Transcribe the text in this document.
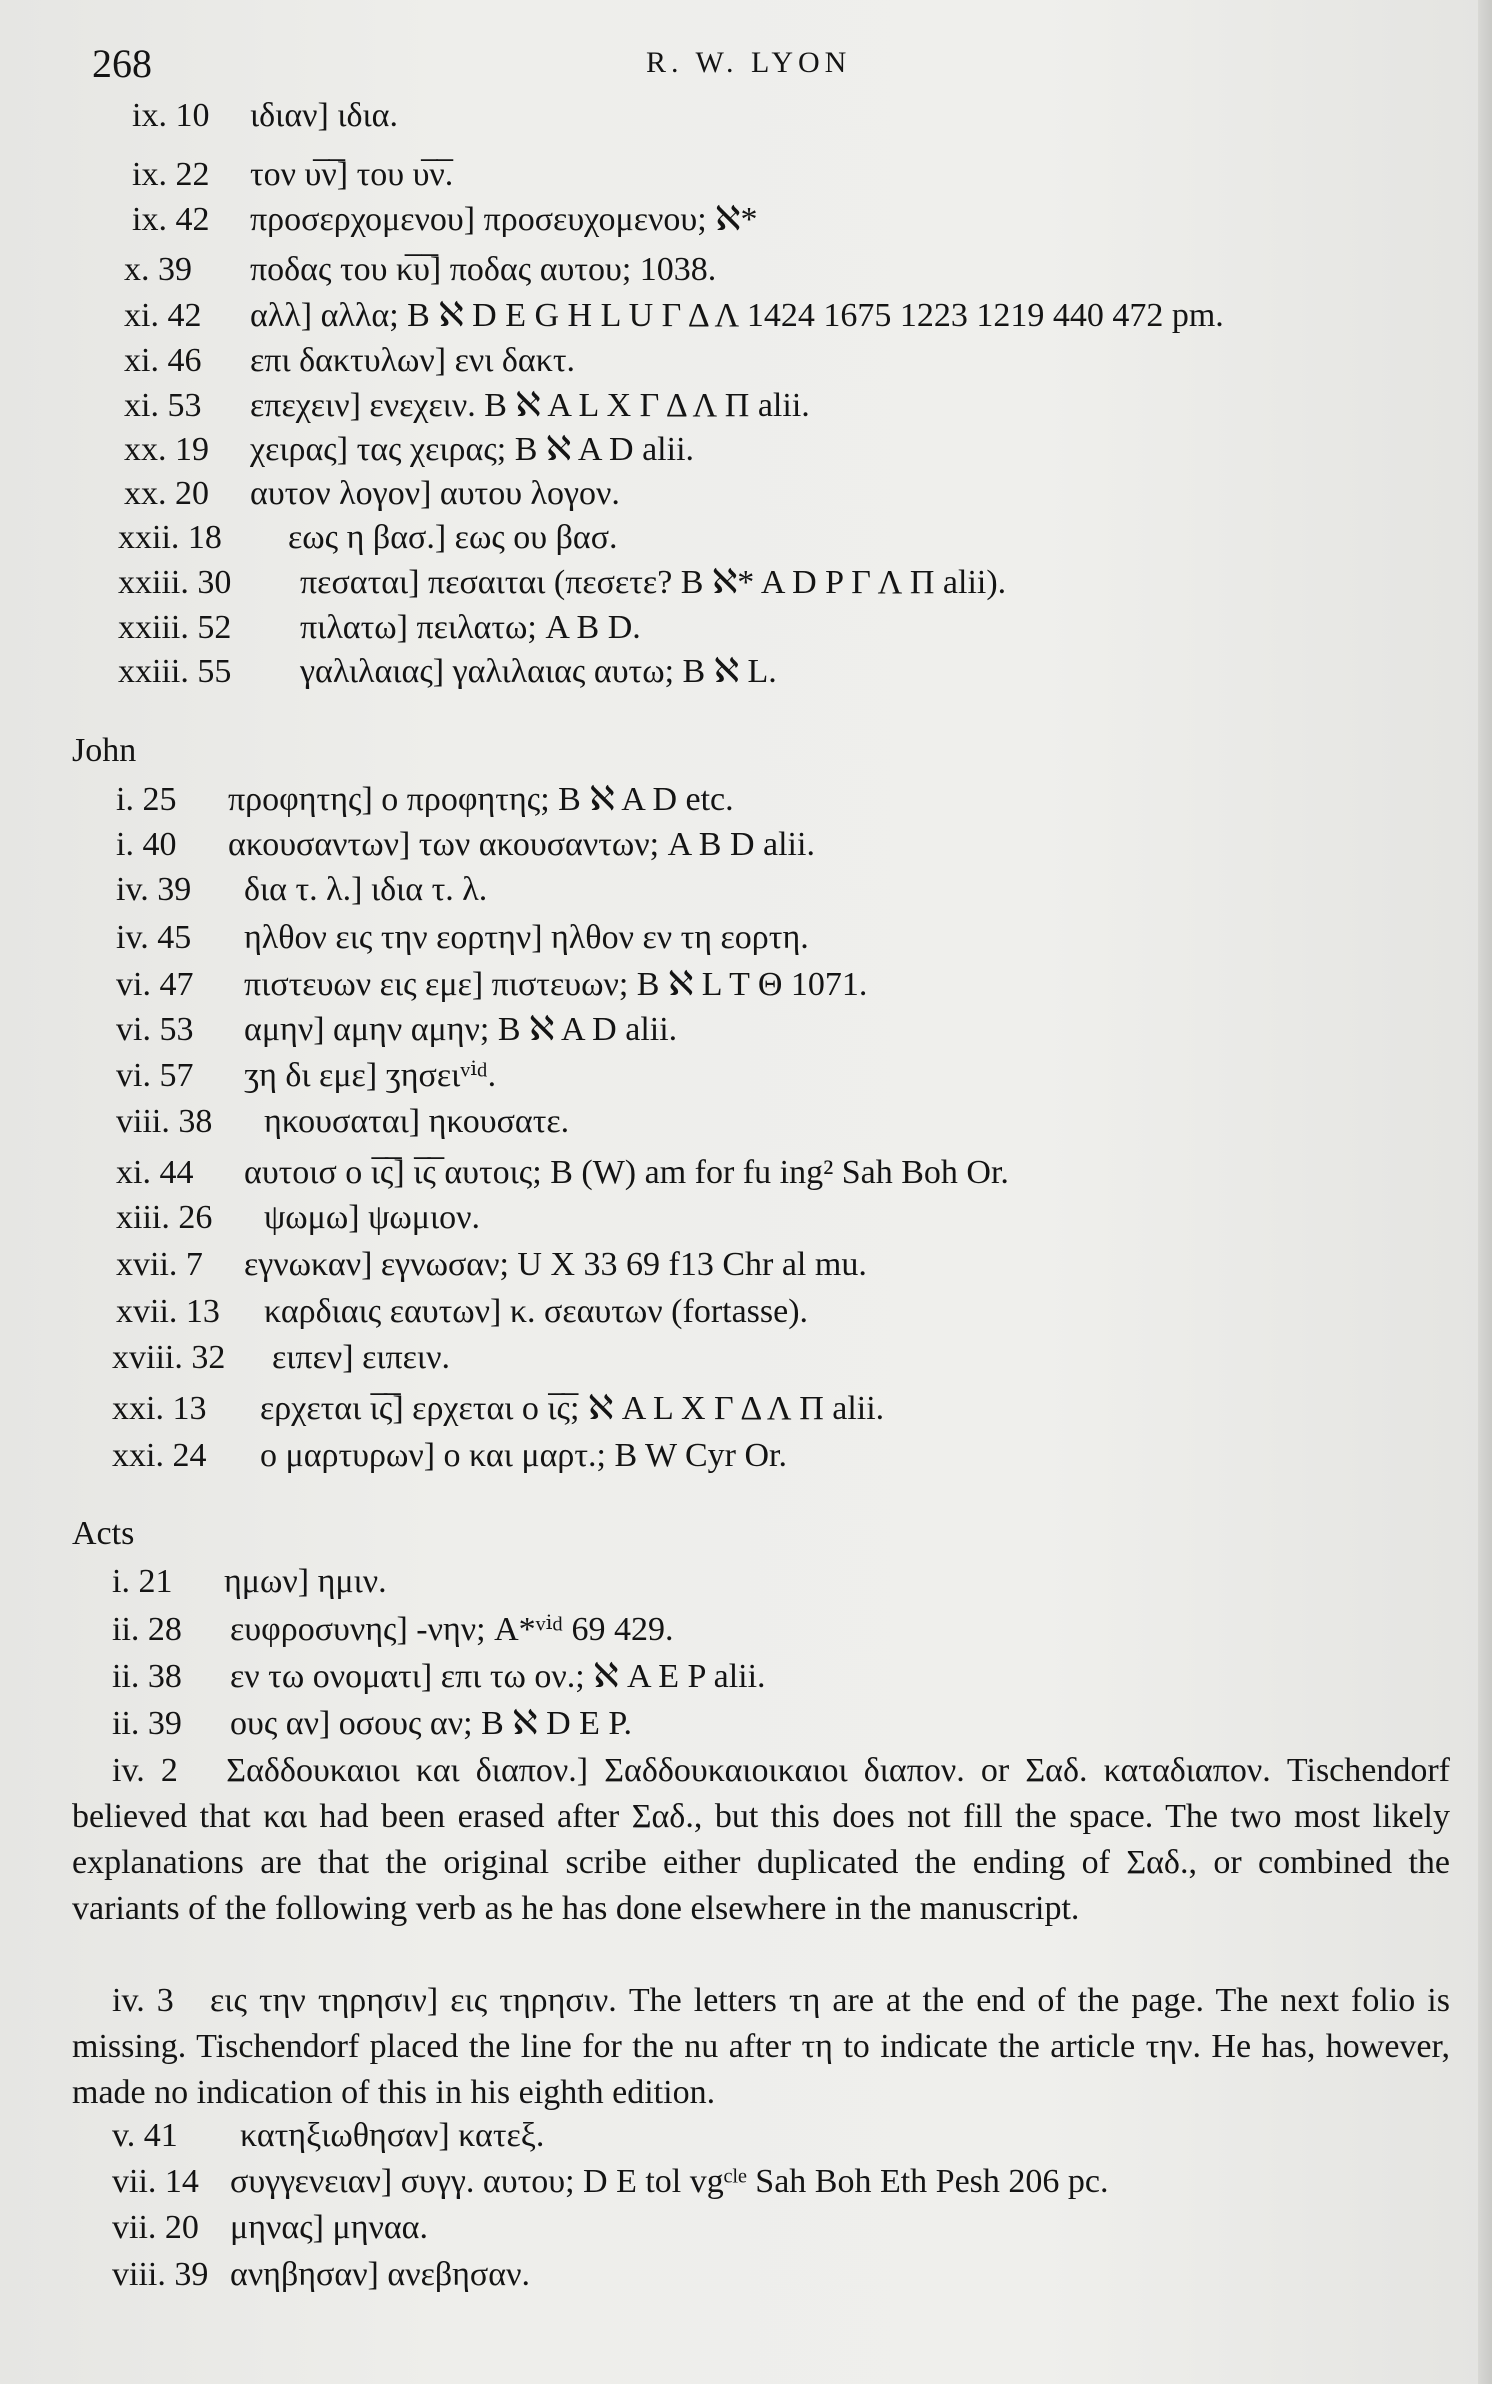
268	R. W. LYON
ix. 10 ιδιαν] ιδια.
ix. 22 τον υ̅ν̅] του υ̅ν̅.
ix. 42 προσερχομενου] προσευχομενου; ℵ*
x. 39 ποδας του κ̅υ̅] ποδας αυτου; 1038.
xi. 42 αλλ] αλλα; B ℵ D E G H L U Γ Δ Λ 1424 1675 1223 1219 440 472 pm.
xi. 46 επι δακτυλων] ενι δακτ.
xi. 53 επεχειν] ενεχειν. B ℵ A L X Γ Δ Λ Π alii.
xx. 19 χειρας] τας χειρας; B ℵ A D alii.
xx. 20 αυτον λογον] αυτου λογον.
xxii. 18 εως η βασ.] εως ου βασ.
xxiii. 30 πεσαται] πεσαιται (πεσετε? B ℵ* A D P Γ Λ Π alii).
xxiii. 52 πιλατω] πειλατω; A B D.
xxiii. 55 γαλιλαιας] γαλιλαιας αυτω; B ℵ L.
John
i. 25 προφητης] ο προφητης; B ℵ A D etc.
i. 40 ακουσαντων] των ακουσαντων; A B D alii.
iv. 39 δια τ. λ.] ιδια τ. λ.
iv. 45 ηλθον εις την εορτην] ηλθον εν τη εορτη.
vi. 47 πιστευων εις εμε] πιστευων; B ℵ L T Θ 1071.
vi. 53 αμην] αμην αμην; B ℵ A D alii.
vi. 57 ʒη δι εμε] ʒησειᵛⁱᵈ.
viii. 38 ηκουσαται] ηκουσατε.
xi. 44 αυτοισ ο ι̅ς̅] ι̅ς̅ αυτοις; B (W) am for fu ing² Sah Boh Or.
xiii. 26 ψωμω] ψωμιον.
xvii. 7 εγνωκαν] εγνωσαν; U X 33 69 f13 Chr al mu.
xvii. 13 καρδιαις εαυτων] κ. σεαυτων (fortasse).
xviii. 32 ειπεν] ειπειν.
xxi. 13 ερχεται ι̅ς̅] ερχεται ο ι̅ς̅; ℵ A L X Γ Δ Λ Π alii.
xxi. 24 ο μαρτυρων] ο και μαρτ.; B W Cyr Or.
Acts
i. 21 ημων] ημιν.
ii. 28 ευφροσυνης] -νην; A*ᵛⁱᵈ 69 429.
ii. 38 εν τω ονοματι] επι τω ον.; ℵ A E P alii.
ii. 39 ους αν] οσους αν; B ℵ D E P.
iv. 2 Σαδδουκαιοι και διαπον.] Σαδδουκαιοικαιοι διαπον. or Σαδ. καταδιαπον. Tischendorf believed that και had been erased after Σαδ., but this does not fill the space. The two most likely explanations are that the original scribe either duplicated the ending of Σαδ., or combined the variants of the following verb as he has done elsewhere in the manuscript.
iv. 3 εις την τηρησιν] εις τηρησιν. The letters τη are at the end of the page. The next folio is missing. Tischendorf placed the line for the nu after τη to indicate the article την. He has, however, made no indication of this in his eighth edition.
v. 41 κατηξιωθησαν] κατεξ.
vii. 14 συγγενειαν] συγγ. αυτου; D E tol vgᶜˡᵉ Sah Boh Eth Pesh 206 pc.
vii. 20 μηνας] μηναα.
viii. 39 ανηβησαν] ανεβησαν.
